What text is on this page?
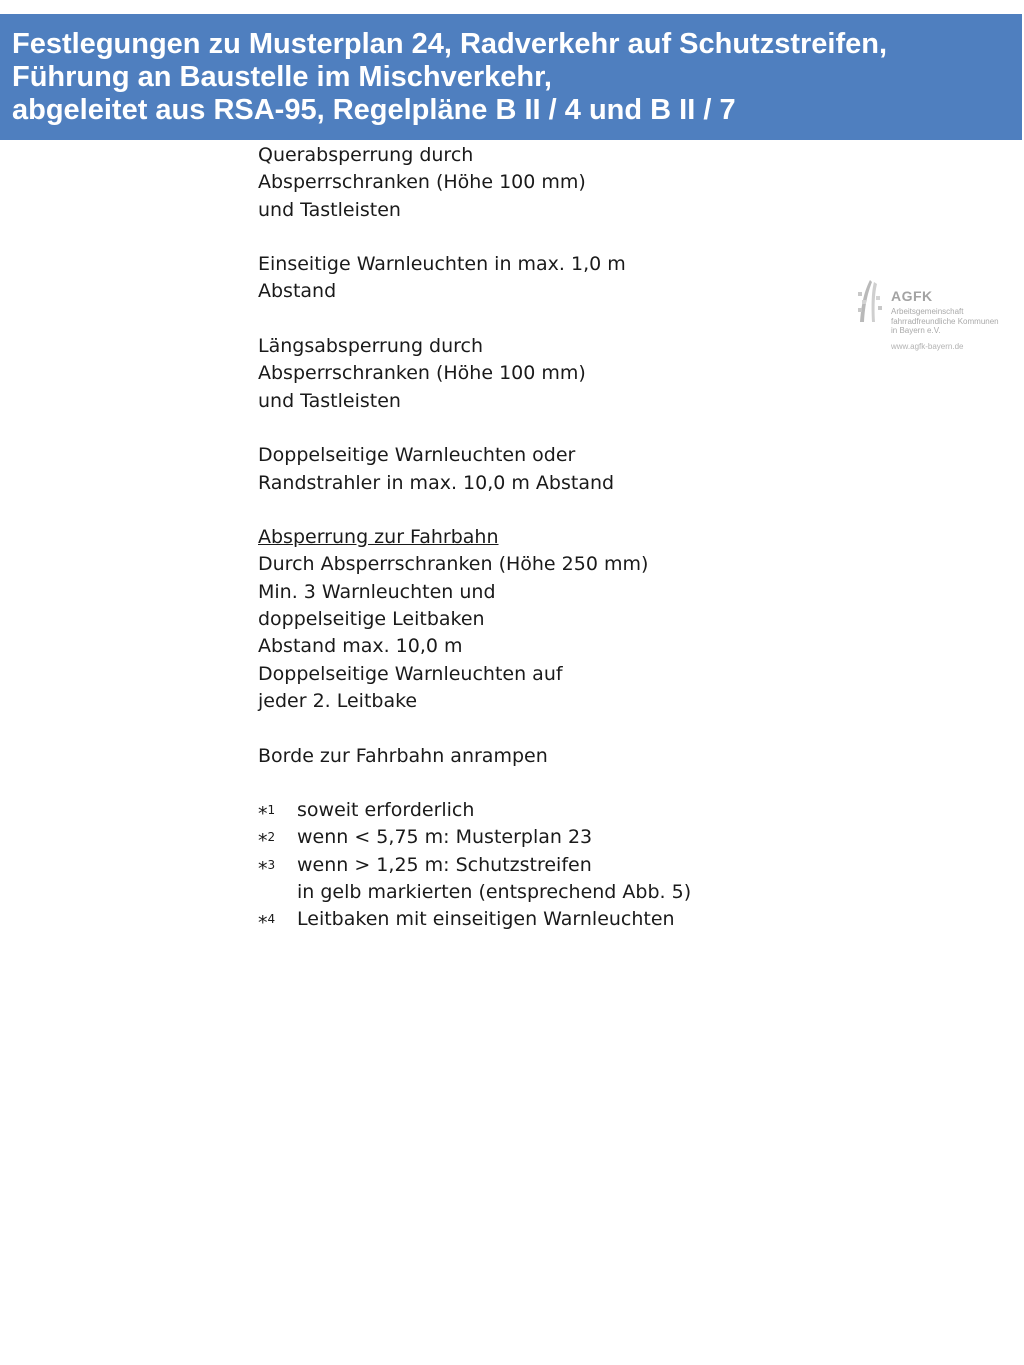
Festlegungen zu Musterplan 24, Radverkehr auf Schutzstreifen,
Führung an Baustelle im Mischverkehr,
abgeleitet aus RSA-95, Regelpläne B II / 4 und B II / 7
Querabsperrung durch
Absperrschranken (Höhe 100 mm)
und Tastleisten
Einseitige Warnleuchten in max. 1,0 m
Abstand
Längsabsperrung durch
Absperrschranken (Höhe 100 mm)
und Tastleisten
Doppelseitige Warnleuchten oder
Randstrahler in max. 10,0 m Abstand
Absperrung zur Fahrbahn
Durch Absperrschranken (Höhe 250 mm)
Min. 3 Warnleuchten und
doppelseitige Leitbaken
Abstand max. 10,0 m
Doppelseitige Warnleuchten auf
jeder 2. Leitbake
Borde zur Fahrbahn anrampen
*$^1$	soweit erforderlich
*$^2$	wenn < 5,75 m: Musterplan 23
*$^3$	wenn > 1,25 m: Schutzstreifen
in gelb markierten (entsprechend Abb. 5)
*$^4$	Leitbaken mit einseitigen Warnleuchten
AGFK
Arbeitsgemeinschaft
fahrradfreundliche Kommunen
in Bayern e.V.
www.agfk-bayern.de
